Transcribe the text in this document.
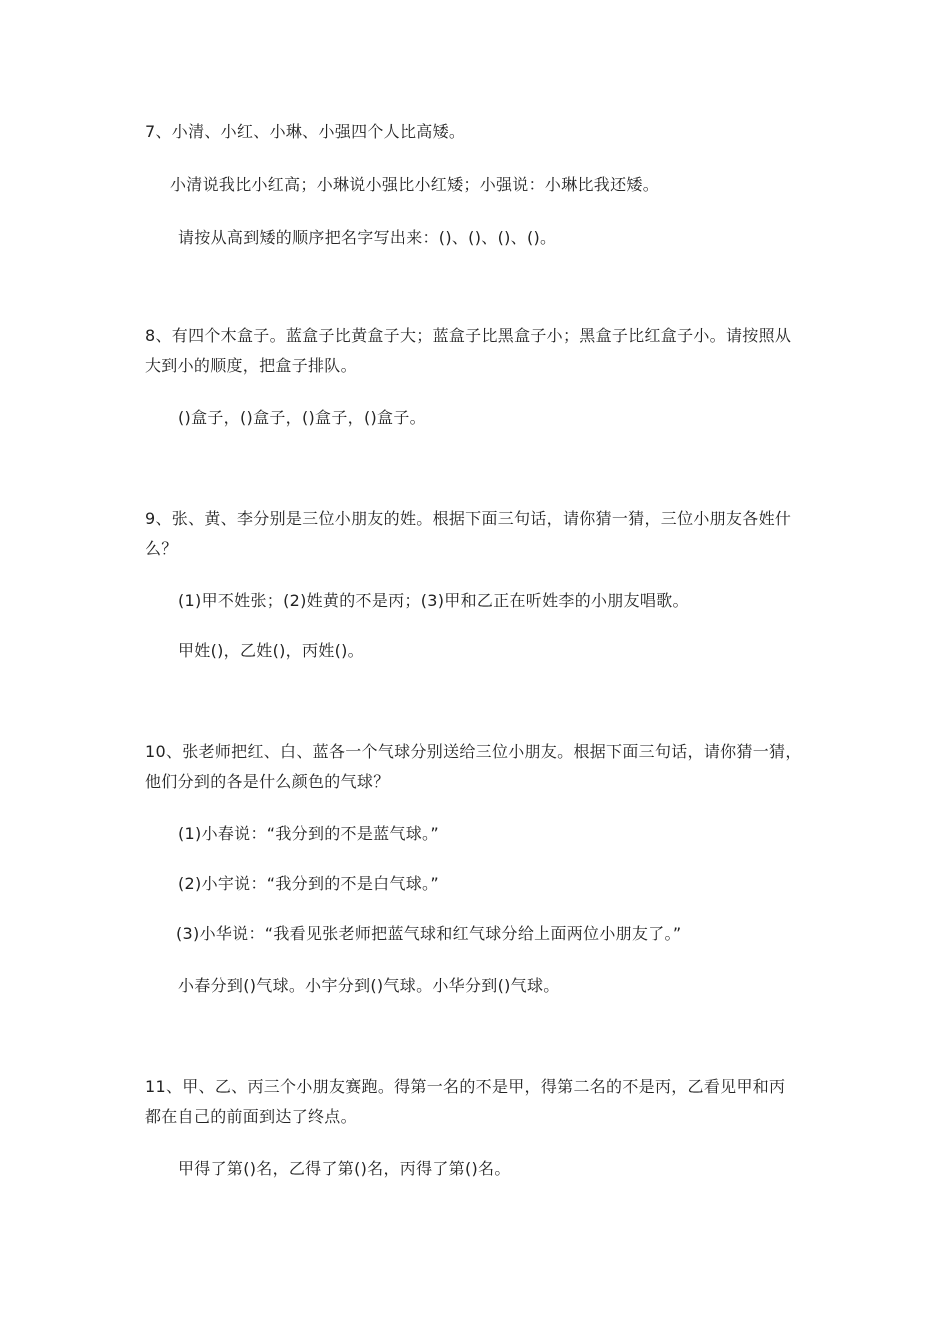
7、小清、小红、小琳、小强四个人比高矮。
小清说我比小红高；小琳说小强比小红矮；小强说：小琳比我还矮。
请按从高到矮的顺序把名字写出来：()、()、()、()。
8、有四个木盒子。蓝盒子比黄盒子大；蓝盒子比黑盒子小；黑盒子比红盒子小。请按照从
大到小的顺度，把盒子排队。
()盒子，()盒子，()盒子，()盒子。
9、张、黄、李分别是三位小朋友的姓。根据下面三句话，请你猜一猜，三位小朋友各姓什
么？
(1)甲不姓张；(2)姓黄的不是丙；(3)甲和乙正在听姓李的小朋友唱歌。
甲姓()，乙姓()，丙姓()。
10、张老师把红、白、蓝各一个气球分别送给三位小朋友。根据下面三句话，请你猜一猜，
他们分到的各是什么颜色的气球？
(1)小春说：“我分到的不是蓝气球。”
(2)小宇说：“我分到的不是白气球。”
(3)小华说：“我看见张老师把蓝气球和红气球分给上面两位小朋友了。”
小春分到()气球。小宇分到()气球。小华分到()气球。
11、甲、乙、丙三个小朋友赛跑。得第一名的不是甲，得第二名的不是丙，乙看见甲和丙
都在自己的前面到达了终点。
甲得了第()名，乙得了第()名，丙得了第()名。
